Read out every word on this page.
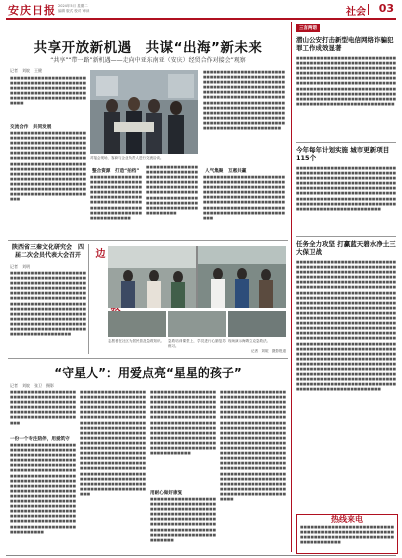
安庆日报 2024年5月 星期二
编辑 版式 校对 审读	社会 03
共享开放新机遇　共谋“出海”新未来
“共享”“带一路”新机遇——走向中亚东南亚（安庆）经贸合作对接会”观察
记者　刘皖　王健
■■■■■■■■■■■■■■■■■■■■■■■■■■■■■■■■■■■■■■■■■■■■■■■■■■■■■■■■■■■■■■■■■■■■■■■■■■■■■■■■■■■■■■■■■■■■■■■■■■■■■■■■■■■■■■■■■■
交流合作　共同发展
■■■■■■■■■■■■■■■■■■■■■■■■■■■■■■■■■■■■■■■■■■■■■■■■■■■■■■■■■■■■■■■■■■■■■■■■■■■■■■■■■■■■■■■■■■■■■■■■■■■■■■■■■■■■■■■■■■■■■■■■■■■■■■■■■■■■■■■■■■■■■■■■■■■■■■■■■■■■■■■■■■■■■■■■■■■■■■■■■■■■■■■■■■■■■■■■■■■■■■■■■■■■■■■■■■■■■■■■■■■■■■■■■■■■■■■■■■■■■■■■■■■■■■■■■■■■■■■■■■■■■■■■■■■■■■■■■■■■■■■■■■■■■■■■■
对接会现场，客商与企业负责人进行交流洽谈。
整合资源　打造“拍档”
■■■■■■■■■■■■■■■■■■■■■■■■■■■■■■■■■■■■■■■■■■■■■■■■■■■■■■■■■■■■■■■■■■■■■■■■■■■■■■■■■■■■■■■■■■■■■■■■■■■■■■■■■■■■■■■■■■■■■■■■■■■■■■■■■■■■
■■■■■■■■■■■■■■■■■■■■■■■■■■■■■■■■■■■■■■■■■■■■■■■■■■■■■■■■■■■■■■■■■■■■■■■■■■■■■■■■■■■■■■■■■■■■■■■■■■■■■■■■■■■■■■■■■■■■■■■■■■■■■■■■■■■■■■■■■■■■■■■■
■■■■■■■■■■■■■■■■■■■■■■■■■■■■■■■■■■■■■■■■■■■■■■■■■■■■■■■■■■■■■■■■■■■■■■■■■■■■■■■■■■■■■■■■■■■■■■■■■■■■■■■■■■■■■■■■■■■■■■■■■■■■■■■■■■■■■■■■■■■■■■■■■■■■■■■■■■■■■■■■■■■■■■■■■■■■■■■■■■■■■■■■■■■■■■■■■■■■■■■■■■■■■■■■■■■■■■■■■■■■■■■■■■■■■■■■■■■■■■■■■■■■■■■■■■■■■■■■■■■■■■■■■■■■■■■■■■■■■■■■■■■■■■■
人气集聚　互惠共赢
■■■■■■■■■■■■■■■■■■■■■■■■■■■■■■■■■■■■■■■■■■■■■■■■■■■■■■■■■■■■■■■■■■■■■■■■■■■■■■■■■■■■■■■■■■■■■■■■■■■■■■■■■■■■■■■■■■■■■■■■■■■■■■■■■■■■■■■■■■■■■■■■■■■■■■■■■■■■■■■■■■■■■■■■■■■■■■■■■■■■■■■■■■■■■■■■■■■
陕西省三秦文化研究会　四届二次会员代表大会召开
记者　刘明
■■■■■■■■■■■■■■■■■■■■■■■■■■■■■■■■■■■■■■■■■■■■■■■■■■■■■■■■■■■■■■■■■■■■■■■■■■■■■■■■■■■■■■■■■■■■■■■■■■■■■■■■■■■■■■■■■■■■■■■■■■■■■■■■■■■■■■■■■■■■■■■■■■■■■■■■■■■■■■■■■■■■■■■■■■■■■■■■■■■■■■■■■■■■■■■■■■■■■■■■■■■■■■■■■■■■■■■■■■■■■■■■■■■■■■■■■■■■■■■■■■■■■■■■■■■■■■■■■■■■■■■■■■■■■■■■■■■■■■■■■■
边
志愿者在社区为居民普及急救知识。	急救培训课堂上，学员进行心肺复苏练习。
现场演示海姆立克急救法。
记者　刘皖　摄影报道
“守星人”：用爱点亮“星星的孩子”
记者　刘皖　张卫　摄影
■■■■■■■■■■■■■■■■■■■■■■■■■■■■■■■■■■■■■■■■■■■■■■■■■■■■■■■■■■■■■■■■■■■■■■■■■■■■■■■■■■■■■■■■■■■■■■■■■■■■■■■■■■■■■■■■■■■■■
一份一个专注陪伴，用爱筑守
■■■■■■■■■■■■■■■■■■■■■■■■■■■■■■■■■■■■■■■■■■■■■■■■■■■■■■■■■■■■■■■■■■■■■■■■■■■■■■■■■■■■■■■■■■■■■■■■■■■■■■■■■■■■■■■■■■■■■■■■■■■■■■■■■■■■■■■■■■■■■■■■■■■■■■■■■■■■■■■■■■■■■■■■■■■■■■■■■■■■■■■■■■■■■■■■■■■■■■■■■■■■■■■■■■■■■■■■■■■■■■■■■■■■■■■■■■■■■■■■■■■■■■■■■■■■■■■■■■■■■■■■■■■■■■■■■■■■■■■■■■■■■■■■■■■■■■■■■■■■■■■■■■■■■■■■■■■■■■■■■■■■■■■■■■■■■
■■■■■■■■■■■■■■■■■■■■■■■■■■■■■■■■■■■■■■■■■■■■■■■■■■■■■■■■■■■■■■■■■■■■■■■■■■■■■■■■■■■■■■■■■■■■■■■■■■■■■■■■■■■■■■■■■■■■■■■■■■■■■■■■■■■■■■■■■■■■■■■■■■■■■■■■■■■■■■■■■■■■■■■■■■■■■■■■■■■■■■■■■■■■■■■■■■■■■■■■■■■■■■■■■■■■■■■■■■■■■■■■■■■■■■■■■■■■■■■■■■■■■■■■■■■■■■■■■■■■■■■■■■■■■■■■■■■■■■■■■■■■■■■■■■■■■■■■■■■■■■■■■■■■■■■■■■■■■■■■■■■■■■■■■■■■■■■■■■■■■■■■■■■■■■■■■■■■■■■■■■■■■■■■■■■■■■■■■■■■■■■
■■■■■■■■■■■■■■■■■■■■■■■■■■■■■■■■■■■■■■■■■■■■■■■■■■■■■■■■■■■■■■■■■■■■■■■■■■■■■■■■■■■■■■■■■■■■■■■■■■■■■■■■■■■■■■■■■■■■■■■■■■■■■■■■■■■■■■■■■■■■■■■■■■■■■■■■■■■■■■■■■■■■■■■■■■■■■■■■■■■■■■■■■■■■■■■■■■■■■■■■■■■■■■■■■■■■■■■■■■■■■■■■■■■■■■■■■■■■■■■■
用耐心做好康复
■■■■■■■■■■■■■■■■■■■■■■■■■■■■■■■■■■■■■■■■■■■■■■■■■■■■■■■■■■■■■■■■■■■■■■■■■■■■■■■■■■■■■■■■■■■■■■■■■■■■■■■■■■■■■■■■■■■■■■■■■■■■■■■■■■■■■■■■■■■■■■■■■■■■■■■■■■■■■■■
■■■■■■■■■■■■■■■■■■■■■■■■■■■■■■■■■■■■■■■■■■■■■■■■■■■■■■■■■■■■■■■■■■■■■■■■■■■■■■■■■■■■■■■■■■■■■■■■■■■■■■■■■■■■■■■■■■■■■■■■■■■■■■■■■■■■■■■■■■■■■■■■■■■■■■■■■■■■■■■■■■■■■■■■■■■■■■■■■■■■■■■■■■■■■■■■■■■■■■■■■■■■■■■■■■■■■■■■■■■■■■■■■■■■■■■■■■■■■■■■■■■■■■■■■■■■■■■■■■■■■■■■■■■■■■■■■■■■■■■■■■■■■■■■■■■■■■■■■■■■■■■■■■■■■■■■■■■■■■■■■■■■■■■■■■■■■■■■■■■■■■■■■■■■■■■■■■■■■■■■■■■■■■■■■■■■■■■■■■■■■■■■■■■■■■■■■■■■■■■■■■■
三言两语
潜山公安打击新型电信网络诈骗犯罪工作成效显著
■■■■■■■■■■■■■■■■■■■■■■■■■■■■■■■■■■■■■■■■■■■■■■■■■■■■■■■■■■■■■■■■■■■■■■■■■■■■■■■■■■■■■■■■■■■■■■■■■■■■■■■■■■■■■■■■■■■■■■■■■■■■■■■■■■■■■■■■■■■■■■■■■■■■■■■■■■■■■■■■■■■■■■■■■■■■■■■■■■■■■■■■■■■■■■■■■■■■■■■■■■■■■■■■■■■■■■■■■■■■■■■■■■■■■■■■■■■■■■■■■■■■■■■■■■■■■■■■■■■■■■■■■■■■■■■■■■■■■■■■■■■■■■■■■■
今年每年计划实施 城市更新项目115个
■■■■■■■■■■■■■■■■■■■■■■■■■■■■■■■■■■■■■■■■■■■■■■■■■■■■■■■■■■■■■■■■■■■■■■■■■■■■■■■■■■■■■■■■■■■■■■■■■■■■■■■■■■■■■■■■■■■■■■■■■■■■■■■■■■■■■■■■■■■■■■■■■■■■■■■■■■■■■■■■■■■■■■■■■■■■■■■■■■■■■■■■■■■■■■■■■■■■■■■■■■■■■■■■■■■■■■■■■■■■■■■■■■■■■■■■■■■■■■■■■■■■■■■■■■■■■■■■■
任务全力攻坚 打赢蓝天碧水净土三大保卫战
■■■■■■■■■■■■■■■■■■■■■■■■■■■■■■■■■■■■■■■■■■■■■■■■■■■■■■■■■■■■■■■■■■■■■■■■■■■■■■■■■■■■■■■■■■■■■■■■■■■■■■■■■■■■■■■■■■■■■■■■■■■■■■■■■■■■■■■■■■■■■■■■■■■■■■■■■■■■■■■■■■■■■■■■■■■■■■■■■■■■■■■■■■■■■■■■■■■■■■■■■■■■■■■■■■■■■■■■■■■■■■■■■■■■■■■■■■■■■■■■■■■■■■■■■■■■■■■■■■■■■■■■■■■■■■■■■■■■■■■■■■■■■■■■■■■■■■■■■■■■■■■■■■■■■■■■■■■■■■■■■■■■■■■■■■■■■■■■■■■■■■■■■■■■■■■■■■■■■■■■■■■■■■■■■■■■■■■■■■■■■■■■■■■■■■■■■■■■■■■■■■■■■■■■■■■■■■■■■■■■■■■■■■■■■■■■■■■■■■■■■■■■■■■■■■■■■■■■■■■■■■■■■■■■■■■■■■■■■■■■■■■■■■■■■■■■■■■■■■■■■■■■■■■■■■■■■■■■■■■■■■■■■■■■■■■■■■■■■■■■■■■■■■■■■■■■■■■■■■■■■■■■■■■■■■■■■■■■■■■■■■■■■■■■■■■■■■■■■■■■■■■■■■■■■■■■■■■■■■■■■■■■■■■■■■■■■■■■■■■■■■■■■■■■■■■■■■■■■■■■■■■■■■■■■■■■■■■■■■■■■■■■■■■■■■■■■■■■■■■■■■■■■■■■■■■■■■■■■■■■■■■■■■■■■■■■■■■■■■■■■■■■■■■■■■
热线来电
■■■■■■■■■■■■■■■■■■■■■■■■■■■■■■■■■■■■■■■■■■■■■■■■■■■■■■■■■■■■■■■■■■■■■■■■■■■■■■■■■■■■■■■■■■■■■
